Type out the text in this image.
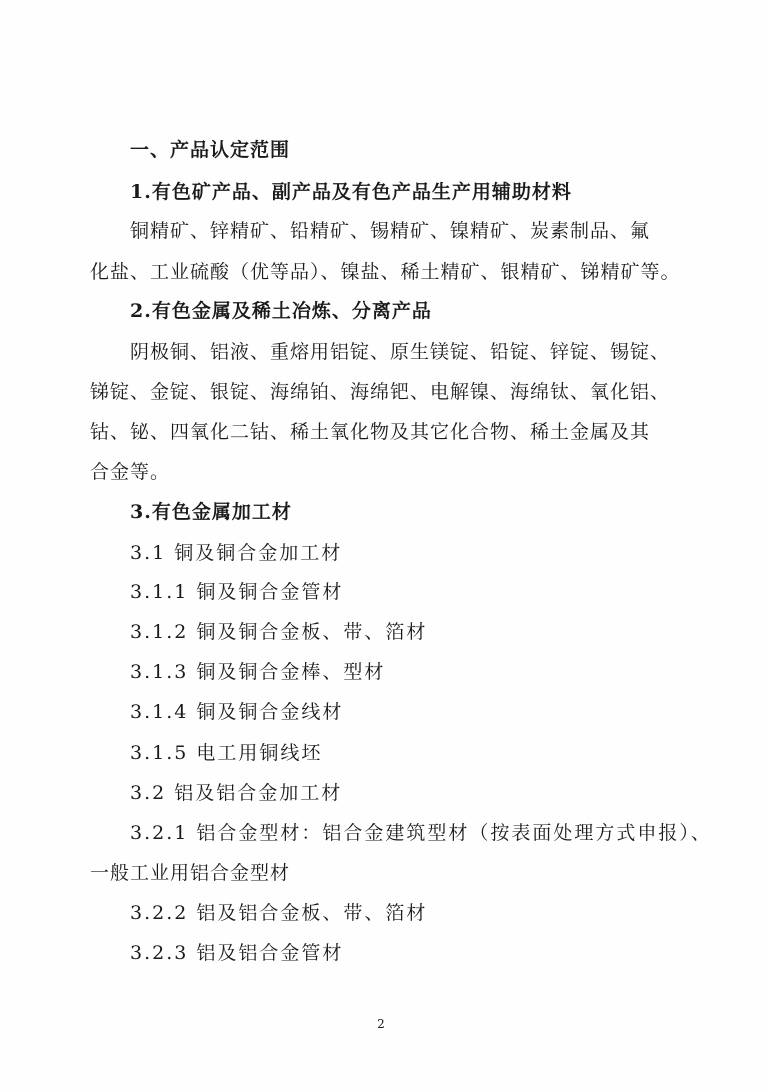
一、产品认定范围
1.有色矿产品、副产品及有色产品生产用辅助材料
铜精矿、锌精矿、铅精矿、锡精矿、镍精矿、炭素制品、氟
化盐、工业硫酸（优等品）、镍盐、稀土精矿、银精矿、锑精矿等。
2.有色金属及稀土冶炼、分离产品
阴极铜、铝液、重熔用铝锭、原生镁锭、铅锭、锌锭、锡锭、
锑锭、金锭、银锭、海绵铂、海绵钯、电解镍、海绵钛、氧化铝、
钴、铋、四氧化二钴、稀土氧化物及其它化合物、稀土金属及其
合金等。
3.有色金属加工材
3.1 铜及铜合金加工材
3.1.1 铜及铜合金管材
3.1.2 铜及铜合金板、带、箔材
3.1.3 铜及铜合金棒、型材
3.1.4 铜及铜合金线材
3.1.5 电工用铜线坯
3.2 铝及铝合金加工材
3.2.1 铝合金型材：铝合金建筑型材（按表面处理方式申报）、
一般工业用铝合金型材
3.2.2 铝及铝合金板、带、箔材
3.2.3 铝及铝合金管材
2
